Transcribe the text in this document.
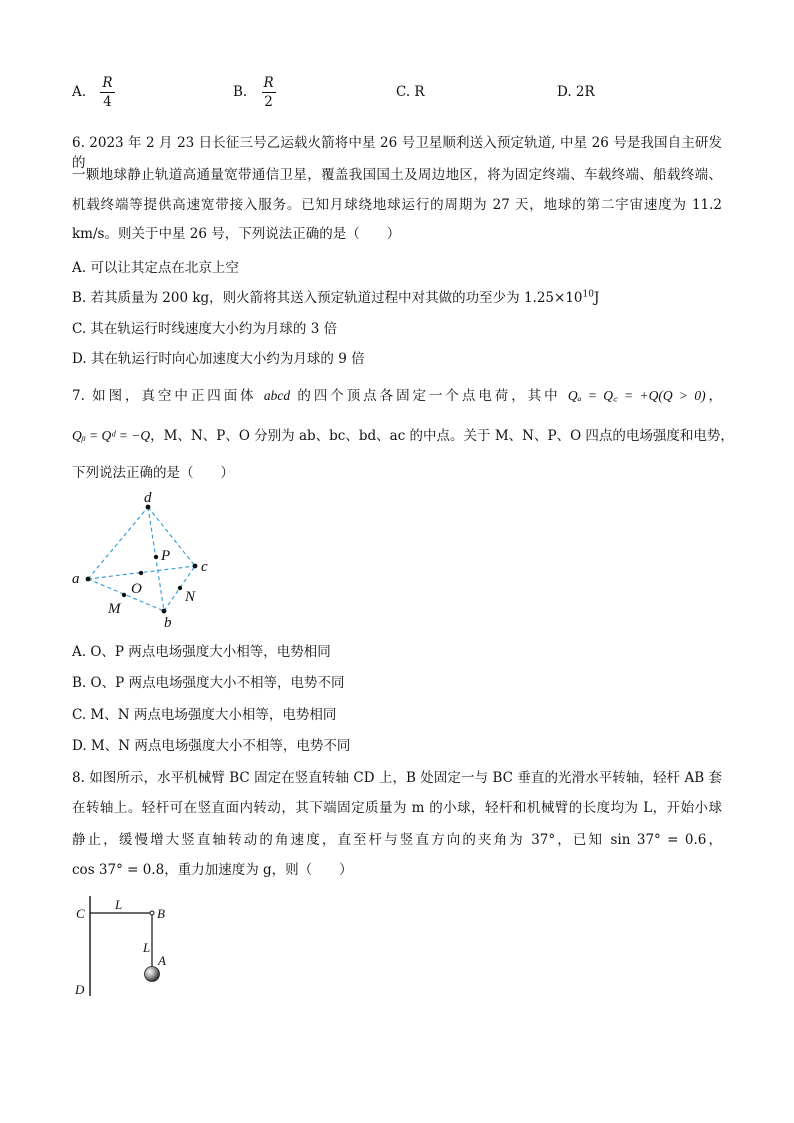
A. $\frac{R}{4}$	B. $\frac{R}{2}$	C. R	D. 2R
6. 2023 年 2 月 23 日长征三号乙运载火箭将中星 26 号卫星顺利送入预定轨道, 中星 26 号是我国自主研发的
一颗地球静止轨道高通量宽带通信卫星，覆盖我国国土及周边地区，将为固定终端、车载终端、船载终端、
机载终端等提供高速宽带接入服务。已知月球绕地球运行的周期为 27 天，地球的第二宇宙速度为 11.2
km/s。则关于中星 26 号，下列说法正确的是（　　）
A. 可以让其定点在北京上空
B. 若其质量为 200 kg，则火箭将其送入预定轨道过程中对其做的功至少为 $1.25\times 10^{10}J$
C. 其在轨运行时线速度大小约为月球的 3 倍
D. 其在轨运行时向心加速度大小约为月球的 9 倍
7. 如图，真空中正四面体 abcd 的四个顶点各固定一个点电荷，其中 Qₐ = Q꜀ = +Q(Q > 0)，
Qᵦ = Qᵈ = −Q，M、N、P、O 分别为 ab、bc、bd、ac 的中点。关于 M、N、P、O 四点的电场强度和电势，
下列说法正确的是（　　）
d
P
c
a
O	N
M
b
A. O、P 两点电场强度大小相等，电势相同
B. O、P 两点电场强度大小不相等，电势不同
C. M、N 两点电场强度大小相等，电势相同
D. M、N 两点电场强度大小不相等，电势不同
8. 如图所示，水平机械臂 BC 固定在竖直转轴 CD 上，B 处固定一与 BC 垂直的光滑水平转轴，轻杆 AB 套
在转轴上。轻杆可在竖直面内转动，其下端固定质量为 m 的小球，轻杆和机械臂的长度均为 L，开始小球
静止，缓慢增大竖直轴转动的角速度，直至杆与竖直方向的夹角为 37°，已知 sin 37° = 0.6，
cos 37° = 0.8，重力加速度为 g，则（　　）
C
L
B
L
A
D
